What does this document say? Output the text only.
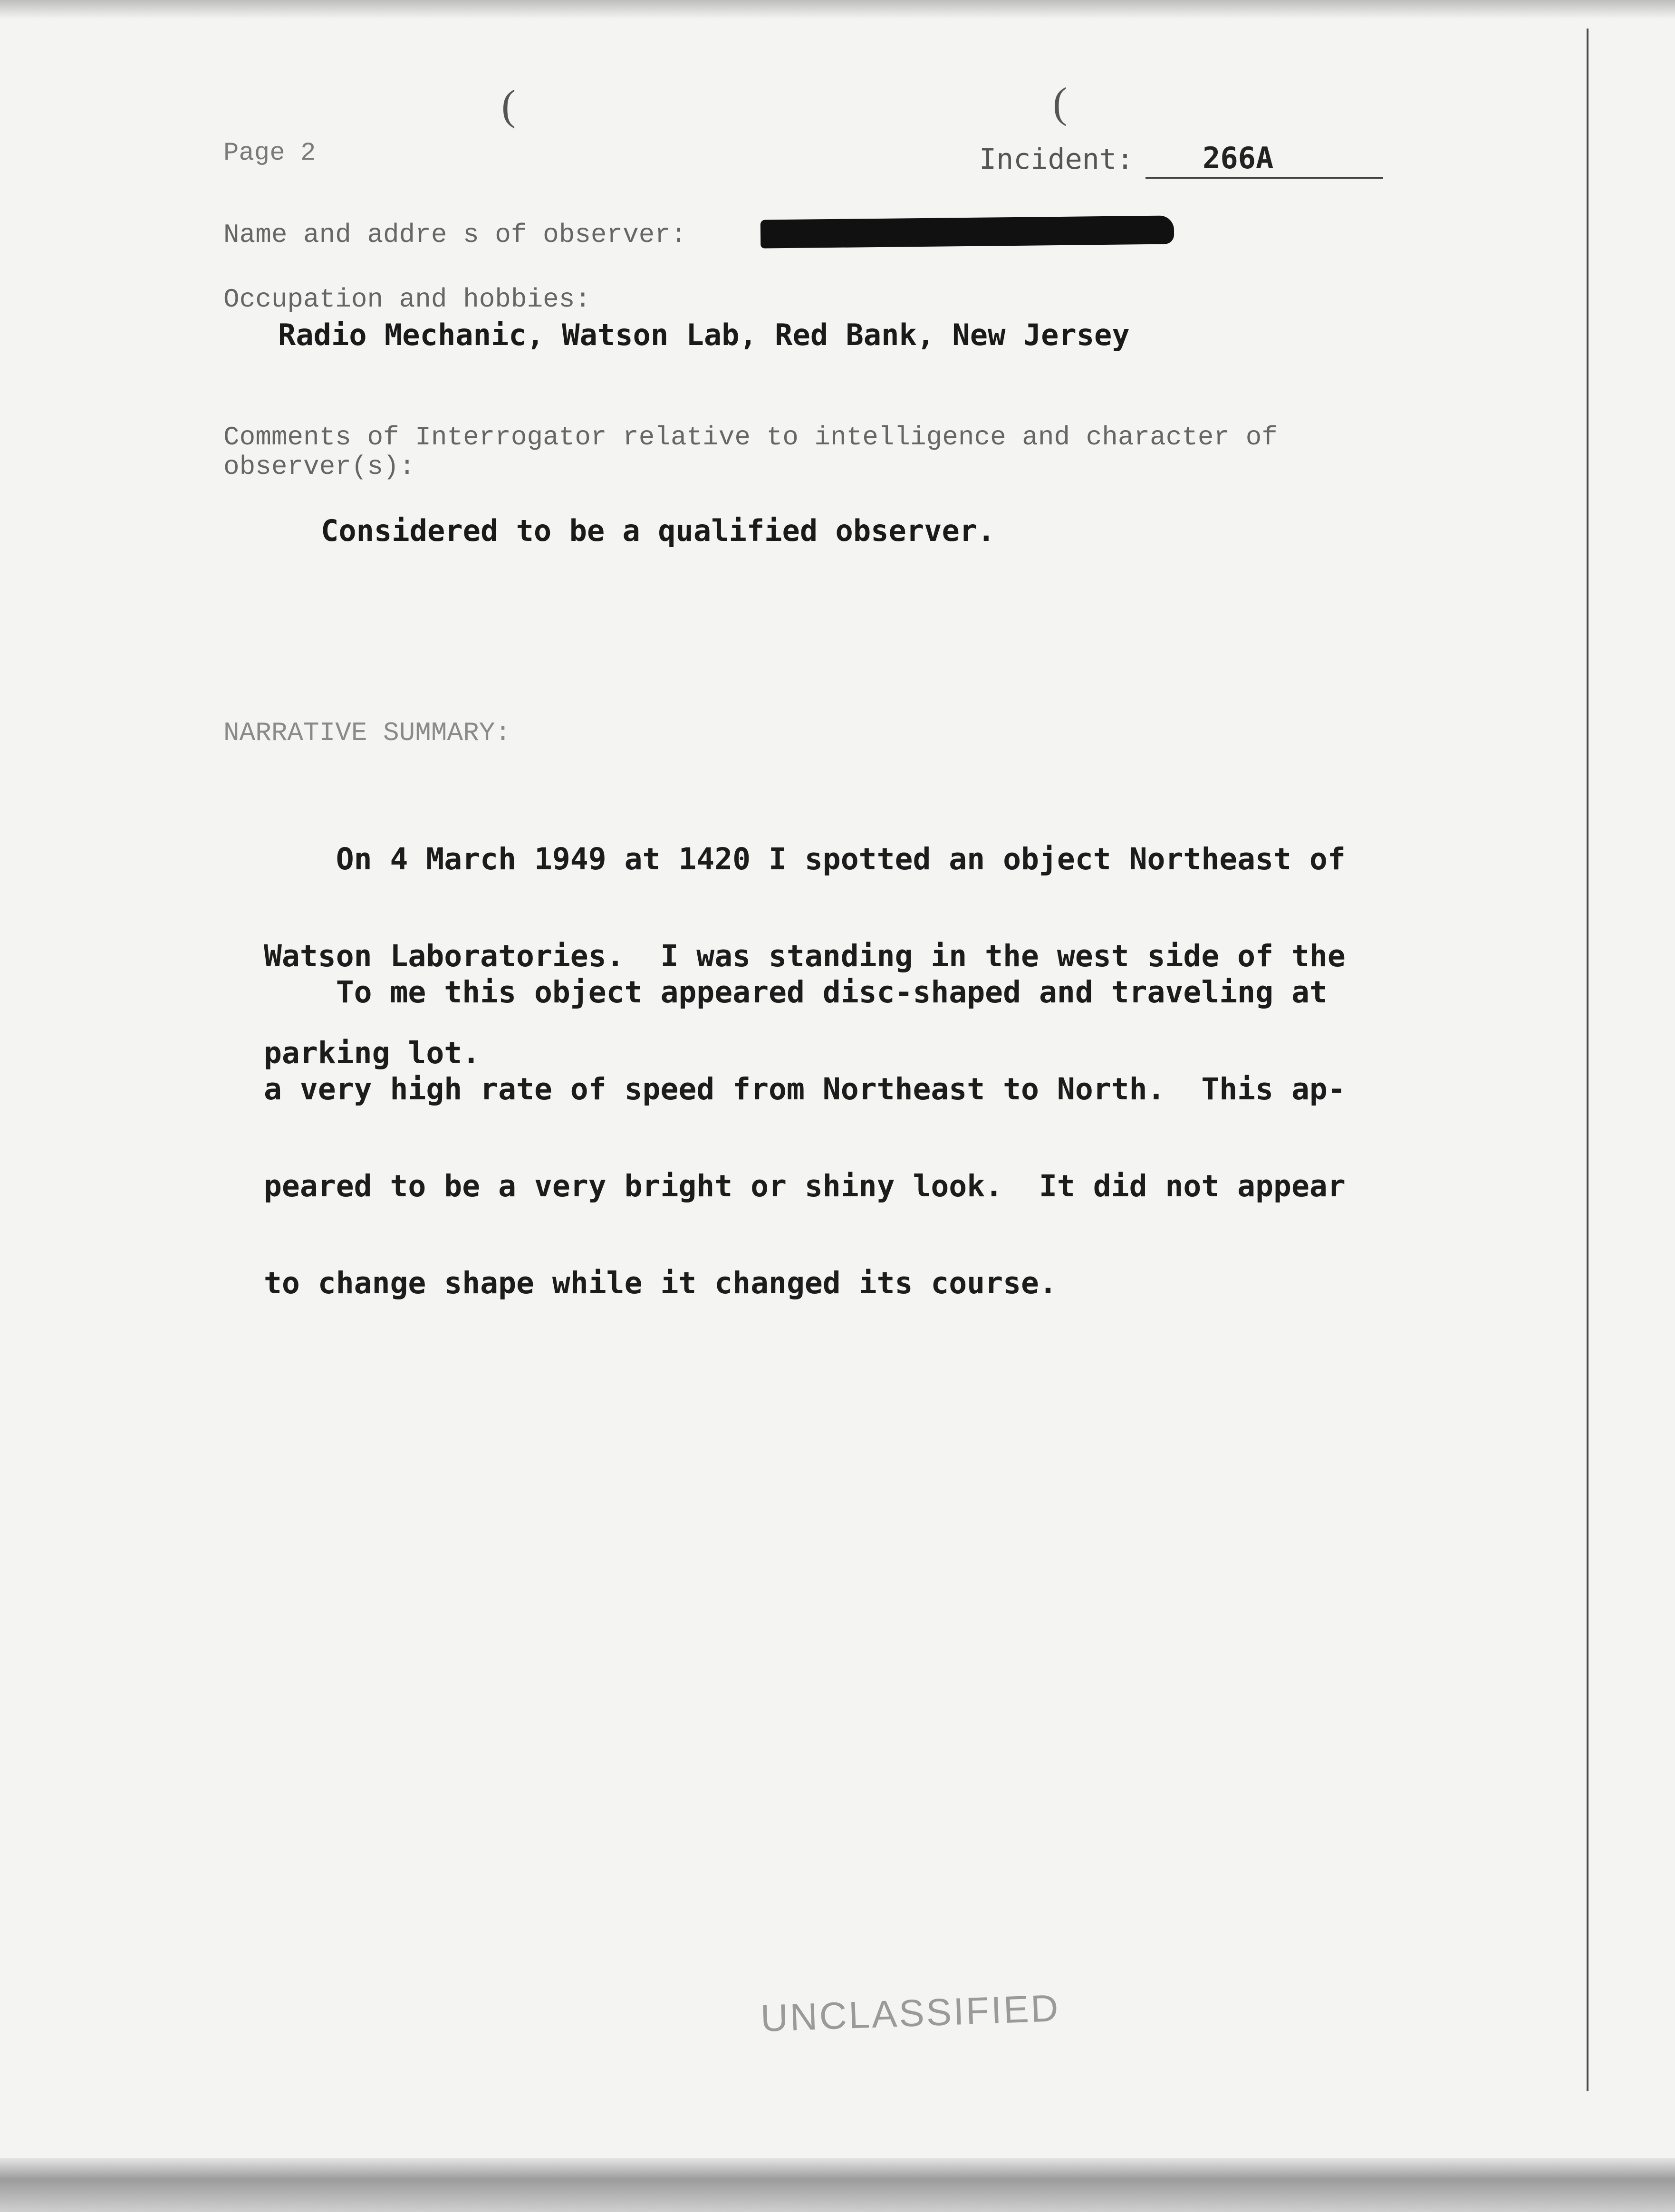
(	(
Page 2	Incident: 266A
Name and addre s of observer:
Occupation and hobbies:
Radio Mechanic, Watson Lab, Red Bank, New Jersey
Comments of Interrogator relative to intelligence and character of
observer(s):
Considered to be a qualified observer.
NARRATIVE SUMMARY:

On 4 March 1949 at 1420 I spotted an object Northeast of

Watson Laboratories.  I was standing in the west side of the

parking lot.

To me this object appeared disc-shaped and traveling at

a very high rate of speed from Northeast to North.  This ap-

peared to be a very bright or shiny look.  It did not appear

to change shape while it changed its course.

UNCLASSIFIED
